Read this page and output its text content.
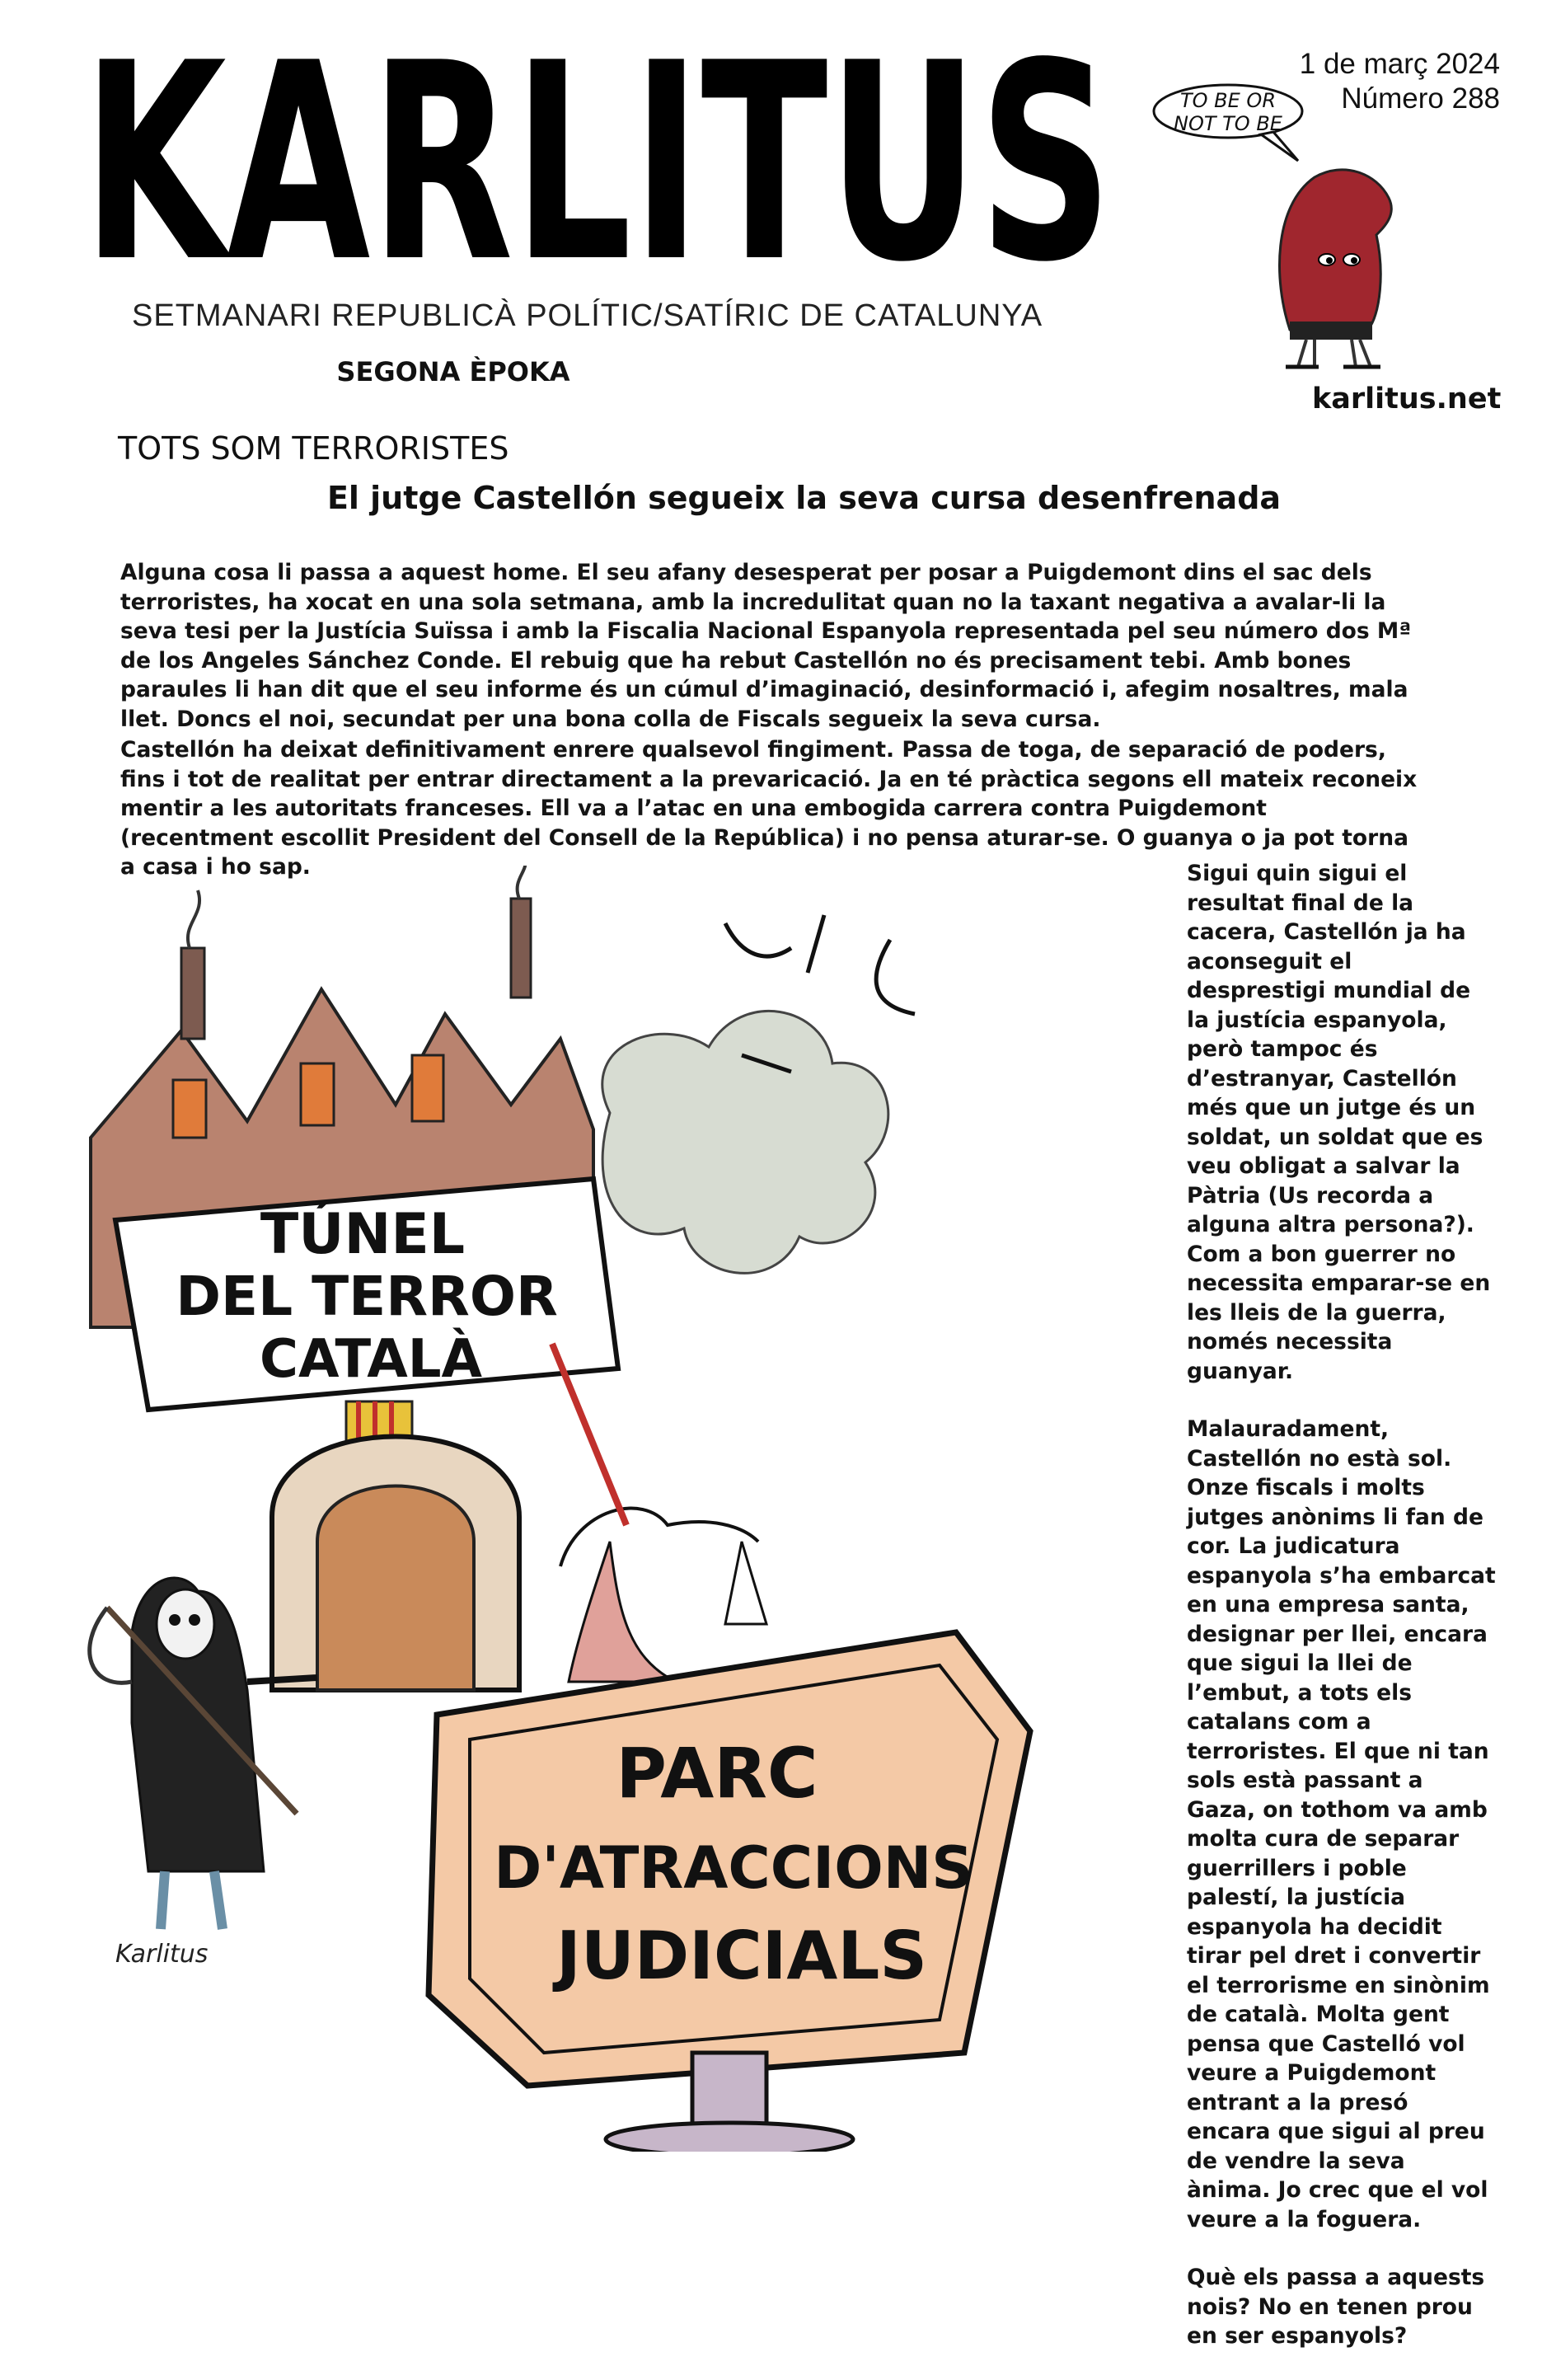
KARLITUS
SETMANARI REPUBLICÀ POLÍTIC/SATÍRIC DE CATALUNYA
SEGONA ÈPOKA
1 de març 2024
Número 288
karlitus.net
TO BE OR
NOT TO BE
TOTS SOM TERRORISTES
El jutge Castellón segueix la seva cursa desenfrenada
Alguna cosa li passa a aquest home. El seu afany desesperat per posar a Puigdemont dins el sac dels terroristes, ha xocat en una sola setmana, amb la incredulitat quan no la taxant negativa a avalar-li la seva tesi per la Justícia Suïssa i amb la Fiscalia Nacional Espanyola representada pel seu número dos Mª de los Angeles Sánchez Conde. El rebuig que ha rebut Castellón no és precisament tebi. Amb bones paraules li han dit que el seu informe és un cúmul d’imaginació, desinformació i, afegim nosaltres, mala llet. Doncs el noi, secundat per una bona colla de Fiscals segueix la seva cursa.
Castellón ha deixat definitivament enrere qualsevol fingiment. Passa de toga, de separació de poders, fins i tot de realitat per entrar directament a la prevaricació. Ja en té pràctica segons ell mateix reconeix mentir a les autoritats franceses. Ell va a l’atac en una embogida carrera contra Puigdemont (recentment escollit President del Consell de la República) i no pensa aturar-se. O guanya o ja pot torna a casa i ho sap.	Sigui quin sigui el resultat final de la cacera, Castellón ja ha aconseguit el desprestigi mundial de la justícia espanyola, però tampoc és d’estranyar, Castellón més que un jutge és un soldat, un soldat que es veu obligat a salvar la Pàtria (Us recorda a alguna altra persona?). Com a bon guerrer no necessita emparar-se en les lleis de la guerra, només necessita guanyar.

Malauradament, Castellón no està sol. Onze fiscals i molts jutges anònims li fan de cor. La judicatura espanyola s’ha embarcat en una empresa santa, designar per llei, encara que sigui la llei de l’embut, a tots els catalans com a terroristes. El que ni tan sols està passant a Gaza, on tothom va amb molta cura de separar guerrillers i poble palestí, la justícia espanyola ha decidit tirar pel dret i convertir el terrorisme en sinònim de català. Molta gent pensa que Castelló vol veure a Puigdemont entrant a la presó encara que sigui al preu de vendre la seva ànima. Jo crec que el vol veure a la foguera.

Què els passa a aquests nois? No en tenen prou en ser espanyols?

TÚNEL
DEL TERROR
CATALÀ
PARC
D'ATRACCIONS
JUDICIALS
Karlitus
